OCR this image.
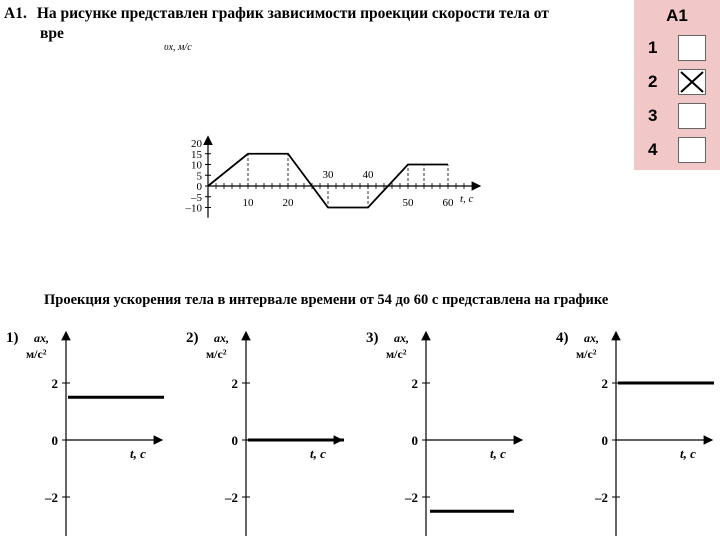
А1. На рисунке представлен график зависимости проекции скорости тела от
вре
А1
1
2
3
4
υx, м/с
t, с
20
15
10
5
0
–5
–10	10	20	50	60
30	40
Проекция ускорения тела в интервале времени от 54 до 60 с представлена на графике
1) ax,
м/с²
2
0
–2
t, с
2) ax,
м/с²
2
0
–2
t, с
3) ax,
м/с²
2
0
–2
t, с
4) ax,
м/с²
2
0
–2
t, с
